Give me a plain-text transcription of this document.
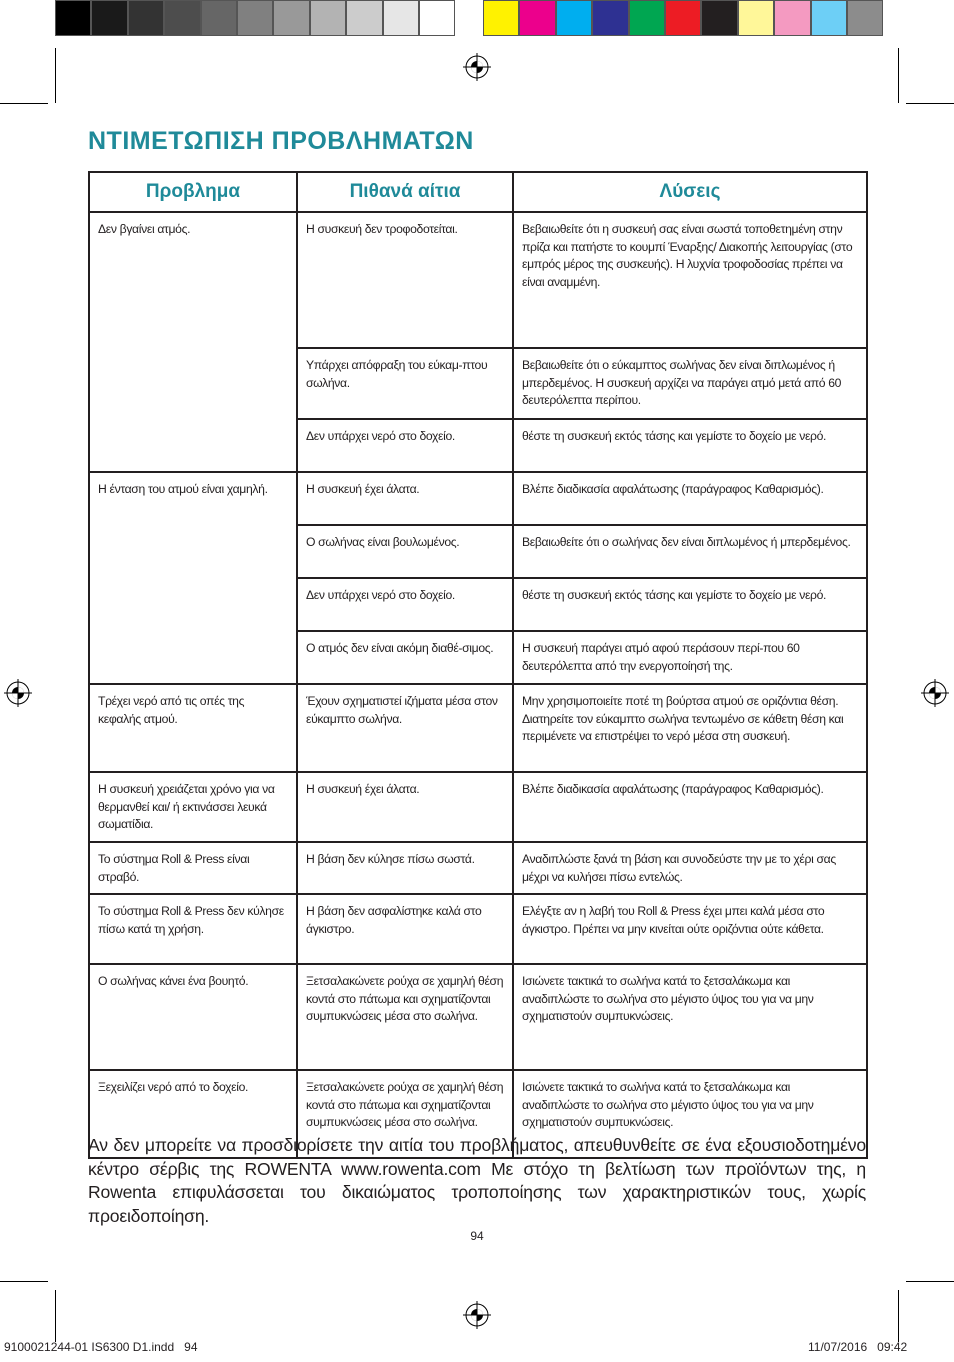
ΝΤΙΜΕΤΩΠΙΣΗ ΠΡΟΒΛΗΜΑΤΩΝ
Προβλημα	Πιθανά αίτια	Λύσεις

Δεν βγαίνει ατμός.	Η συσκευή δεν τροφοδοτείται.	Βεβαιωθείτε ότι η συσκευή σας είναι σωστά τοποθετημένη στην πρίζα και πατήστε το κουμπί Έναρξης/ Διακοπής λειτουργίας (στο εμπρός μέρος της συσκευής). Η λυχνία τροφοδοσίας πρέπει να είναι αναμμένη.

	Υπάρχει απόφραξη του εύκαμ-πτου σωλήνα.	Βεβαιωθείτε ότι ο εύκαμπτος σωλήνας δεν είναι διπλωμένος ή μπερδεμένος. Η συσκευή αρχίζει να παράγει ατμό μετά από 60 δευτερόλεπτα περίπου.

	Δεν υπάρχει νερό στο δοχείο.	θέστε τη συσκευή εκτός τάσης και γεμίστε το δοχείο με νερό.

Η ένταση του ατμού είναι χαμηλή.	Η συσκευή έχει άλατα.	Βλέπε διαδικασία αφαλάτωσης (παράγραφος Καθαρισμός).

	Ο σωλήνας είναι βουλωμένος.	Βεβαιωθείτε ότι ο σωλήνας δεν είναι διπλωμένος ή μπερδεμένος.

	Δεν υπάρχει νερό στο δοχείο.	θέστε τη συσκευή εκτός τάσης και γεμίστε το δοχείο με νερό.

	Ο ατμός δεν είναι ακόμη διαθέ-σιμος.	Η συσκευή παράγει ατμό αφού περάσουν περί-που 60 δευτερόλεπτα από την ενεργοποίησή της.

Τρέχει νερό από τις οπές της κεφαλής ατμού.	Έχουν σχηματιστεί ιζήματα μέσα στον εύκαμπτο σωλήνα.	Μην χρησιμοποιείτε ποτέ τη βούρτσα ατμού σε οριζόντια θέση. Διατηρείτε τον εύκαμπτο σωλήνα τεντωμένο σε κάθετη θέση και περιμένετε να επιστρέψει το νερό μέσα στη συσκευή.

Η συσκευή χρειάζεται χρόνο για να θερμανθεί και/ ή εκτινάσσει λευκά σωματίδια.	Η συσκευή έχει άλατα.	Βλέπε διαδικασία αφαλάτωσης (παράγραφος Καθαρισμός).

Το σύστημα Roll & Press είναι στραβό.	Η βάση δεν κύλησε πίσω σωστά.	Αναδιπλώστε ξανά τη βάση και συνοδεύστε την με το χέρι σας μέχρι να κυλήσει πίσω εντελώς.

Το σύστημα Roll & Press δεν κύλησε πίσω κατά τη χρήση.	Η βάση δεν ασφαλίστηκε καλά στο άγκιστρο.	Ελέγξτε αν η λαβή του Roll & Press έχει μπει καλά μέσα στο άγκιστρο. Πρέπει να μην κινείται ούτε οριζόντια ούτε κάθετα.

Ο σωλήνας κάνει ένα βουητό.	Ξετσαλακώνετε ρούχα σε χαμηλή θέση κοντά στο πάτωμα και σχηματίζονται συμπυκνώσεις μέσα στο σωλήνα.	Ισιώνετε τακτικά το σωλήνα κατά το ξετσαλάκωμα και αναδιπλώστε το σωλήνα στο μέγιστο ύψος του για να μην σχηματιστούν συμπυκνώσεις.

Ξεχειλίζει νερό από το δοχείο.	Ξετσαλακώνετε ρούχα σε χαμηλή θέση κοντά στο πάτωμα και σχηματίζονται συμπυκνώσεις μέσα στο σωλήνα.	Ισιώνετε τακτικά το σωλήνα κατά το ξετσαλάκωμα και αναδιπλώστε το σωλήνα στο μέγιστο ύψος του για να μην σχηματιστούν συμπυκνώσεις.
Αν δεν μπορείτε να προσδιορίσετε την αιτία του προβλήματος, απευθυνθείτε σε ένα εξουσιοδοτημένο κέντρο σέρβις της ROWENTA www.rowenta.com Με στόχο τη βελτίωση των προϊόντων της, η Rowenta επιφυλάσσεται του δικαιώματος τροποποίησης των χαρακτηριστικών τους, χωρίς προειδοποίηση.
94
9100021244-01 IS6300 D1.indd   94	11/07/2016   09:42
